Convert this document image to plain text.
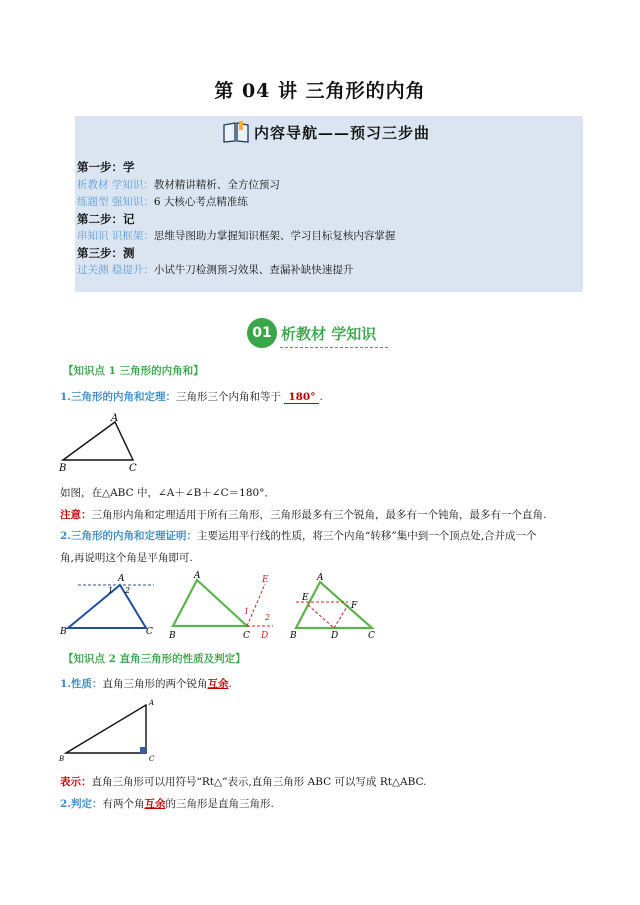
第 04 讲 三角形的内角
内容导航——预习三步曲
第一步：学
析教材 学知识：教材精讲精析、全方位预习
练题型 强知识：6 大核心考点精准练
第二步：记
串知识 识框架：思维导图助力掌握知识框架、学习目标复核内容掌握
第三步：测
过关测 稳提升：小试牛刀检测预习效果、查漏补缺快速提升
01 析教材 学知识
【知识点 1 三角形的内角和】
1.三角形的内角和定理：三角形三个内角和等于 180° .
A
B	C
如图，在△ABC 中，∠A＋∠B＋∠C＝180°．
注意：三角形内角和定理适用于所有三角形，三角形最多有三个锐角，最多有一个钝角，最多有一个直角.
2.三角形的内角和定理证明：主要运用平行线的性质，将三个内角“转移”集中到一个顶点处,合并成一个
角,再说明这个角是平角即可.
A
B	C
1 2
A
B	C D
E
1
2
A
B	C
D
E
F
【知识点 2 直角三角形的性质及判定】
1.性质：直角三角形的两个锐角互余.
A
B	C
表示：直角三角形可以用符号“Rt△”表示,直角三角形 ABC 可以写成 Rt△ABC.
2.判定：有两个角互余的三角形是直角三角形.
